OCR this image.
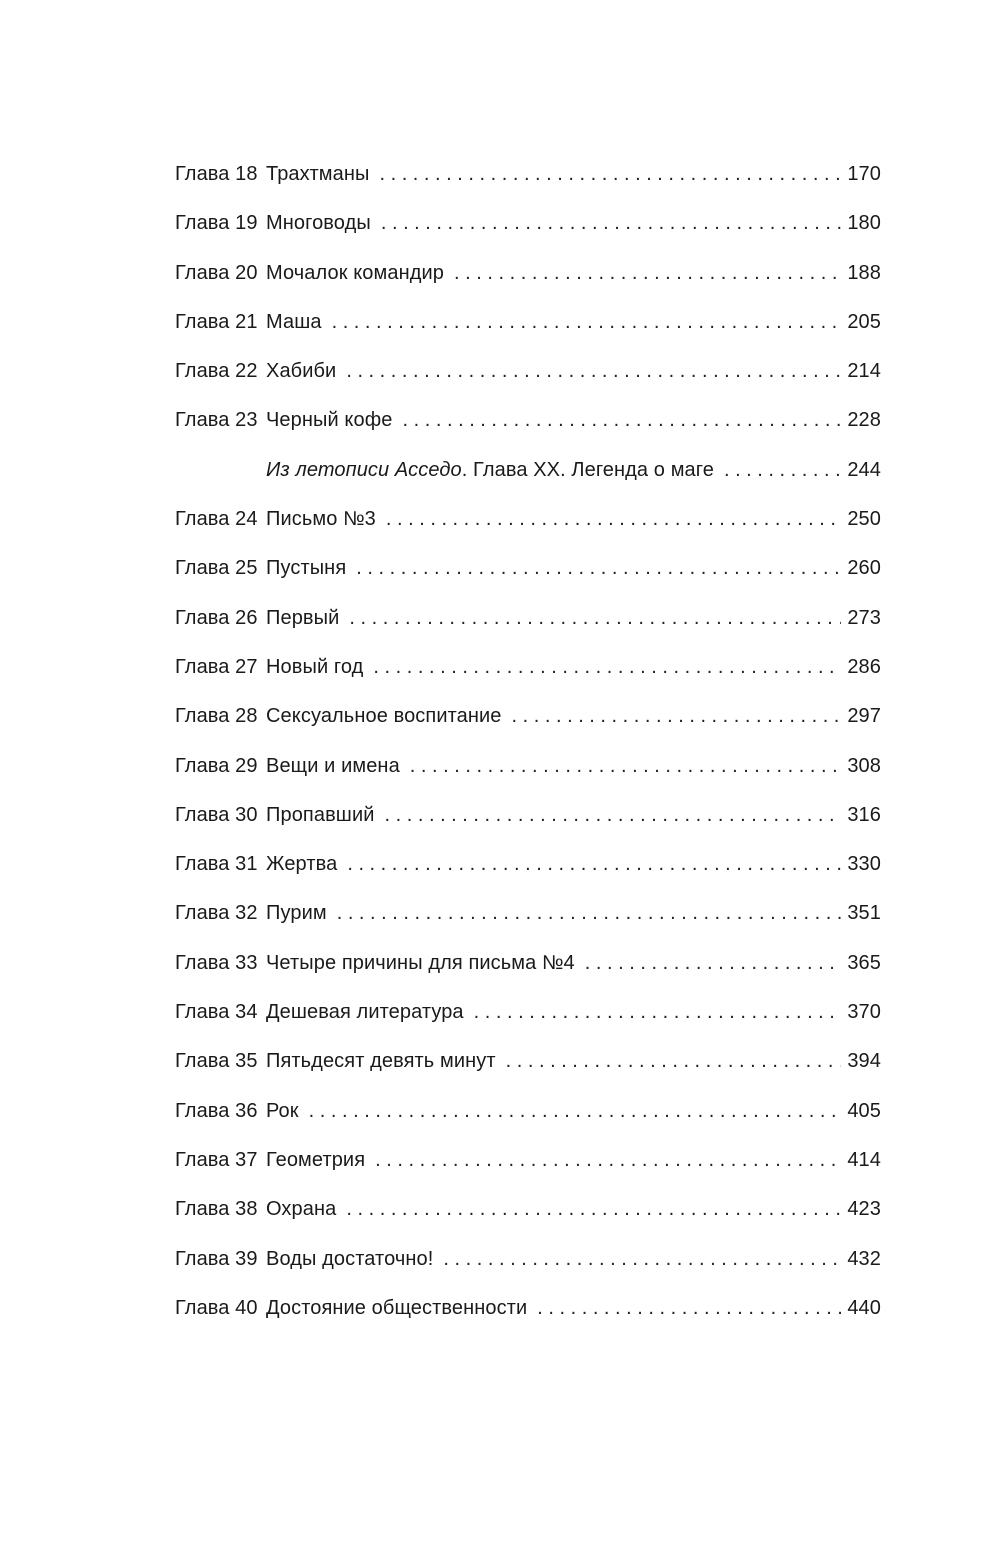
Глава 18 Трахтманы . . .	170
Глава 19 Многоводы . . .	180
Глава 20 Мочалок командир . . .	188
Глава 21 Маша . . .	205
Глава 22 Хабиби . . .	214
Глава 23 Черный кофе . . .	228
Из летописи Асседо. Глава XX. Легенда о маге . . .	244
Глава 24 Письмо №3 . . .	250
Глава 25 Пустыня . . .	260
Глава 26 Первый . . .	273
Глава 27 Новый год . . .	286
Глава 28 Сексуальное воспитание . . .	297
Глава 29 Вещи и имена . . .	308
Глава 30 Пропавший . . .	316
Глава 31 Жертва . . .	330
Глава 32 Пурим . . .	351
Глава 33 Четыре причины для письма №4 . . .	365
Глава 34 Дешевая литература . . .	370
Глава 35 Пятьдесят девять минут . . .	394
Глава 36 Рок . . .	405
Глава 37 Геометрия . . .	414
Глава 38 Охрана . . .	423
Глава 39 Воды достаточно! . . .	432
Глава 40 Достояние общественности . . .	440
